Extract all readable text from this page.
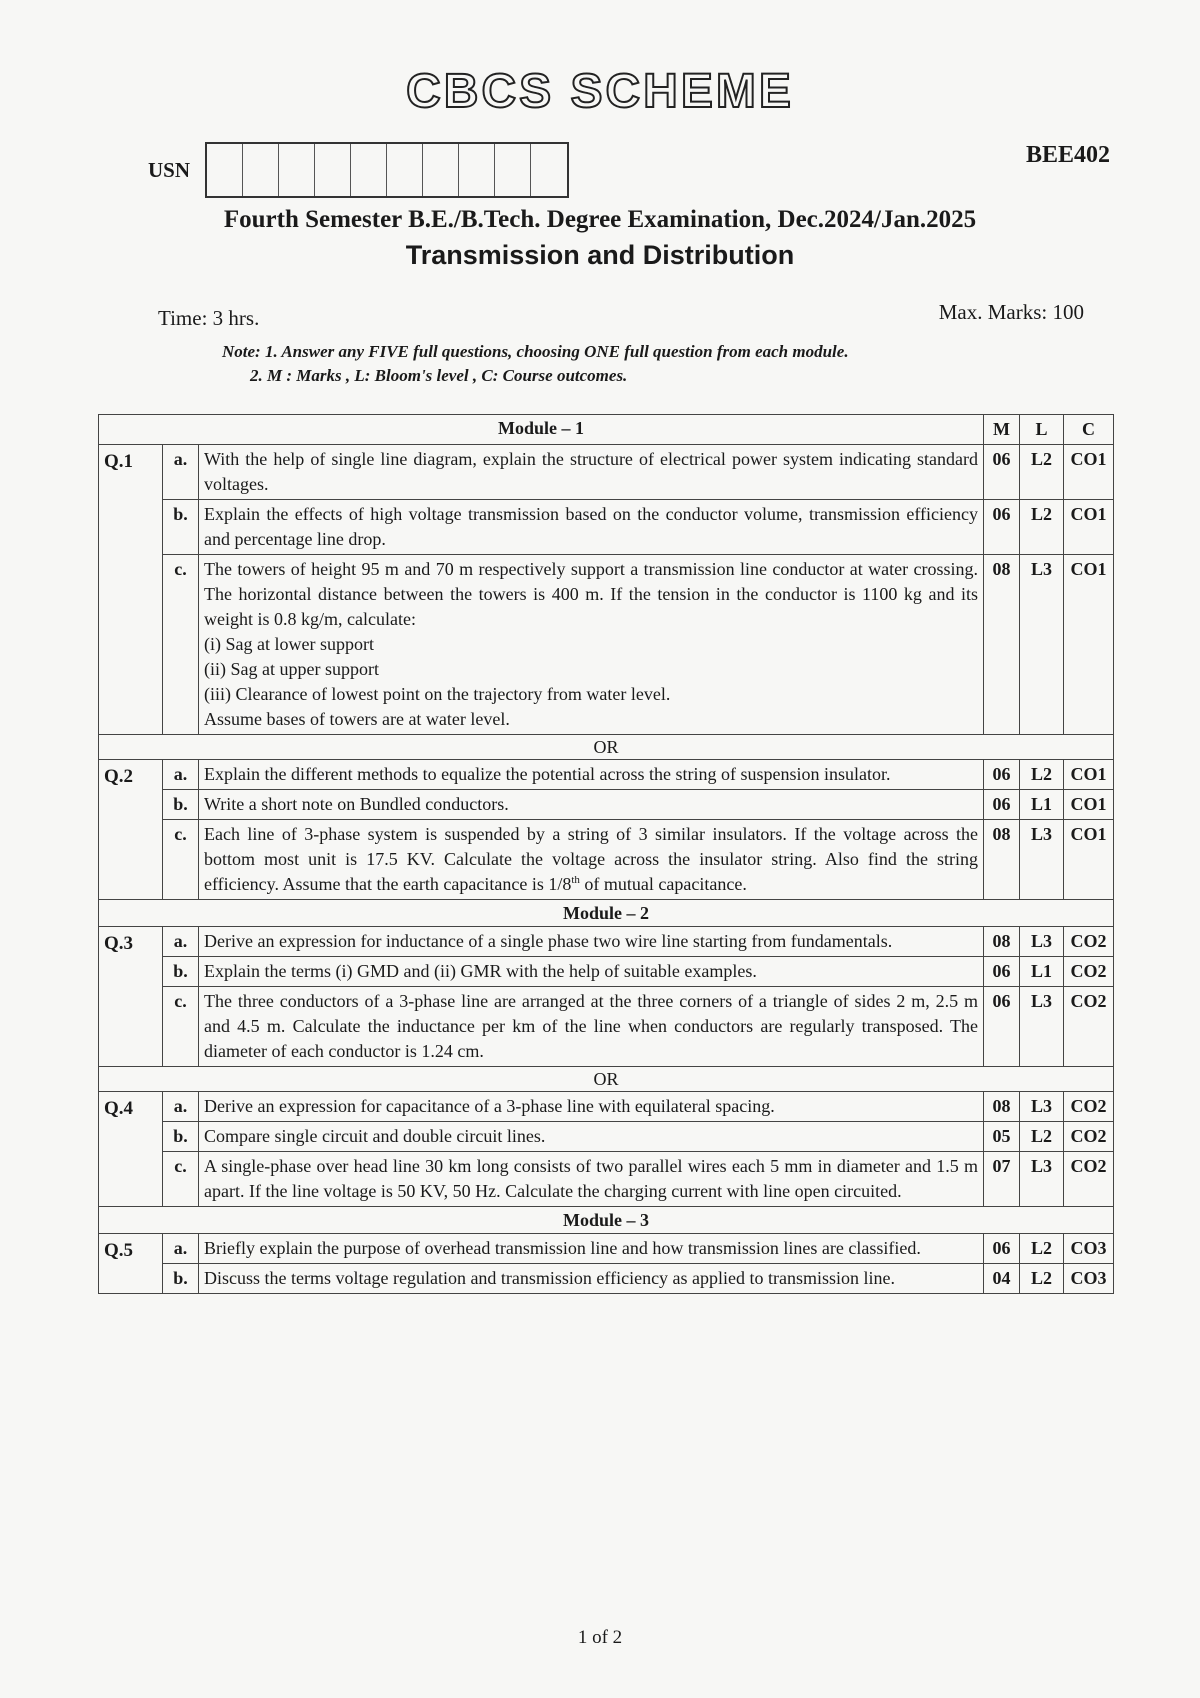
CBCS SCHEME
USN
BEE402
Fourth Semester B.E./B.Tech. Degree Examination, Dec.2024/Jan.2025
Transmission and Distribution
Time: 3 hrs.	Max. Marks: 100
Note: 1. Answer any FIVE full questions, choosing ONE full question from each module.
2. M : Marks , L: Bloom's level , C: Course outcomes.
Module – 1			M	L	C
Q.1	a.	With the help of single line diagram, explain the structure of electrical power system indicating standard voltages.	06	L2	CO1
	b.	Explain the effects of high voltage transmission based on the conductor volume, transmission efficiency and percentage line drop.	06	L2	CO1
	c.	The towers of height 95 m and 70 m respectively support a transmission line conductor at water crossing. The horizontal distance between the towers is 400 m. If the tension in the conductor is 1100 kg and its weight is 0.8 kg/m, calculate:
(i) Sag at lower support
(ii) Sag at upper support
(iii) Clearance of lowest point on the trajectory from water level.
Assume bases of towers are at water level.	08	L3	CO1
OR					
Q.2	a.	Explain the different methods to equalize the potential across the string of suspension insulator.	06	L2	CO1
	b.	Write a short note on Bundled conductors.	06	L1	CO1
	c.	Each line of 3-phase system is suspended by a string of 3 similar insulators. If the voltage across the bottom most unit is 17.5 KV. Calculate the voltage across the insulator string. Also find the string efficiency. Assume that the earth capacitance is 1/8th of mutual capacitance.	08	L3	CO1
Module – 2					
Q.3	a.	Derive an expression for inductance of a single phase two wire line starting from fundamentals.	08	L3	CO2
	b.	Explain the terms (i) GMD and (ii) GMR with the help of suitable examples.	06	L1	CO2
	c.	The three conductors of a 3-phase line are arranged at the three corners of a triangle of sides 2 m, 2.5 m and 4.5 m. Calculate the inductance per km of the line when conductors are regularly transposed. The diameter of each conductor is 1.24 cm.	06	L3	CO2
OR					
Q.4	a.	Derive an expression for capacitance of a 3-phase line with equilateral spacing.	08	L3	CO2
	b.	Compare single circuit and double circuit lines.	05	L2	CO2
	c.	A single-phase over head line 30 km long consists of two parallel wires each 5 mm in diameter and 1.5 m apart. If the line voltage is 50 KV, 50 Hz. Calculate the charging current with line open circuited.	07	L3	CO2
Module – 3					
Q.5	a.	Briefly explain the purpose of overhead transmission line and how transmission lines are classified.	06	L2	CO3
	b.	Discuss the terms voltage regulation and transmission efficiency as applied to transmission line.	04	L2	CO3
1 of 2
